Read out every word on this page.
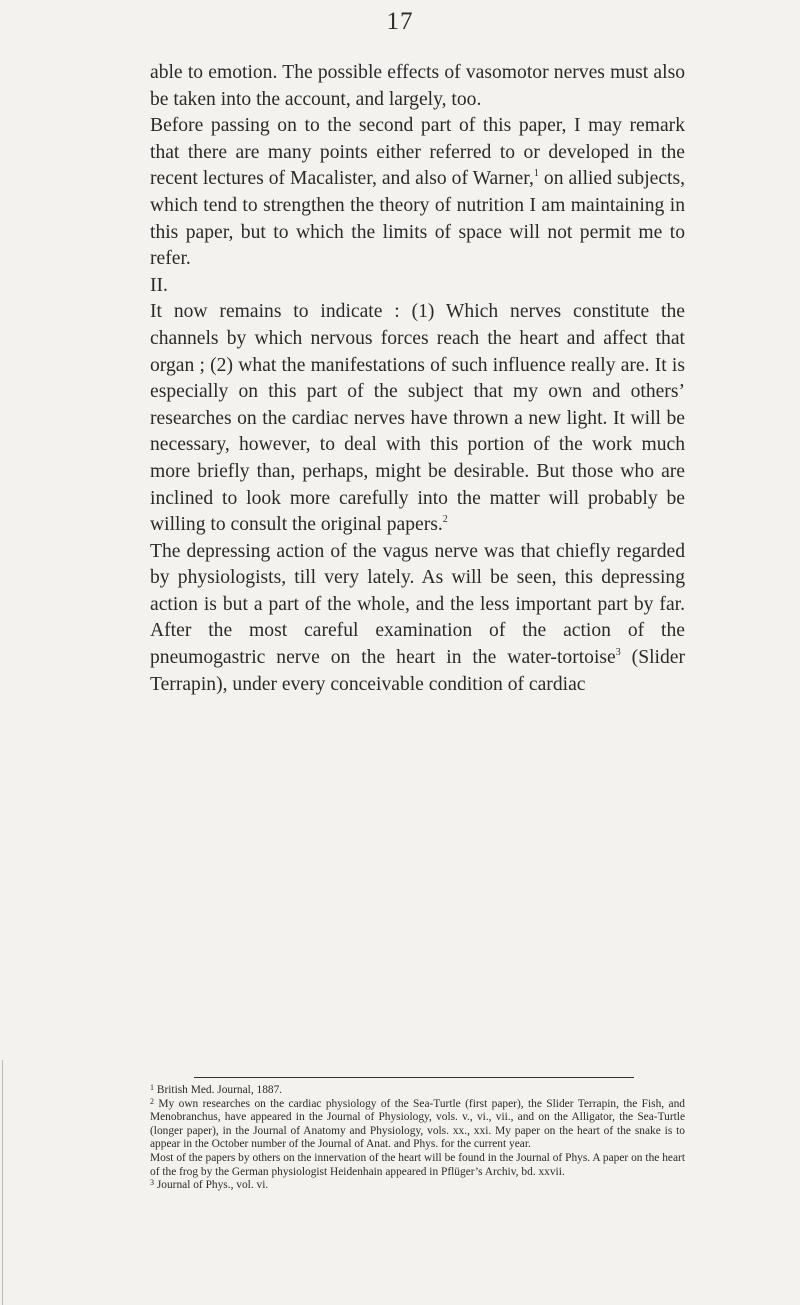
17

able to emotion. The possible effects of vasomotor nerves must also be taken into the account, and largely, too.

Before passing on to the second part of this paper, I may remark that there are many points either referred to or developed in the recent lectures of Macalister, and also of Warner,$^1$ on allied subjects, which tend to strengthen the theory of nutrition I am maintaining in this paper, but to which the limits of space will not permit me to refer.

II.

It now remains to indicate : (1) Which nerves constitute the channels by which nervous forces reach the heart and affect that organ ; (2) what the manifestations of such influence really are. It is especially on this part of the subject that my own and others’ researches on the cardiac nerves have thrown a new light. It will be necessary, however, to deal with this portion of the work much more briefly than, perhaps, might be desirable. But those who are inclined to look more carefully into the matter will probably be willing to consult the original papers.$^2$

The depressing action of the vagus nerve was that chiefly regarded by physiologists, till very lately. As will be seen, this depressing action is but a part of the whole, and the less important part by far. After the most careful examination of the action of the pneumogastric nerve on the heart in the water-tortoise$^3$ (Slider Terrapin), under every conceivable condition of cardiac

$^1$ British Med. Journal, 1887.

$^2$ My own researches on the cardiac physiology of the Sea-Turtle (first paper), the Slider Terrapin, the Fish, and Menobranchus, have appeared in the Journal of Physiology, vols. v., vi., vii., and on the Alligator, the Sea-Turtle (longer paper), in the Journal of Anatomy and Physiology, vols. xx., xxi. My paper on the heart of the snake is to appear in the October number of the Journal of Anat. and Phys. for the current year.

Most of the papers by others on the innervation of the heart will be found in the Journal of Phys. A paper on the heart of the frog by the German physiologist Heidenhain appeared in Pflüger’s Archiv, bd. xxvii.

$^3$ Journal of Phys., vol. vi.
